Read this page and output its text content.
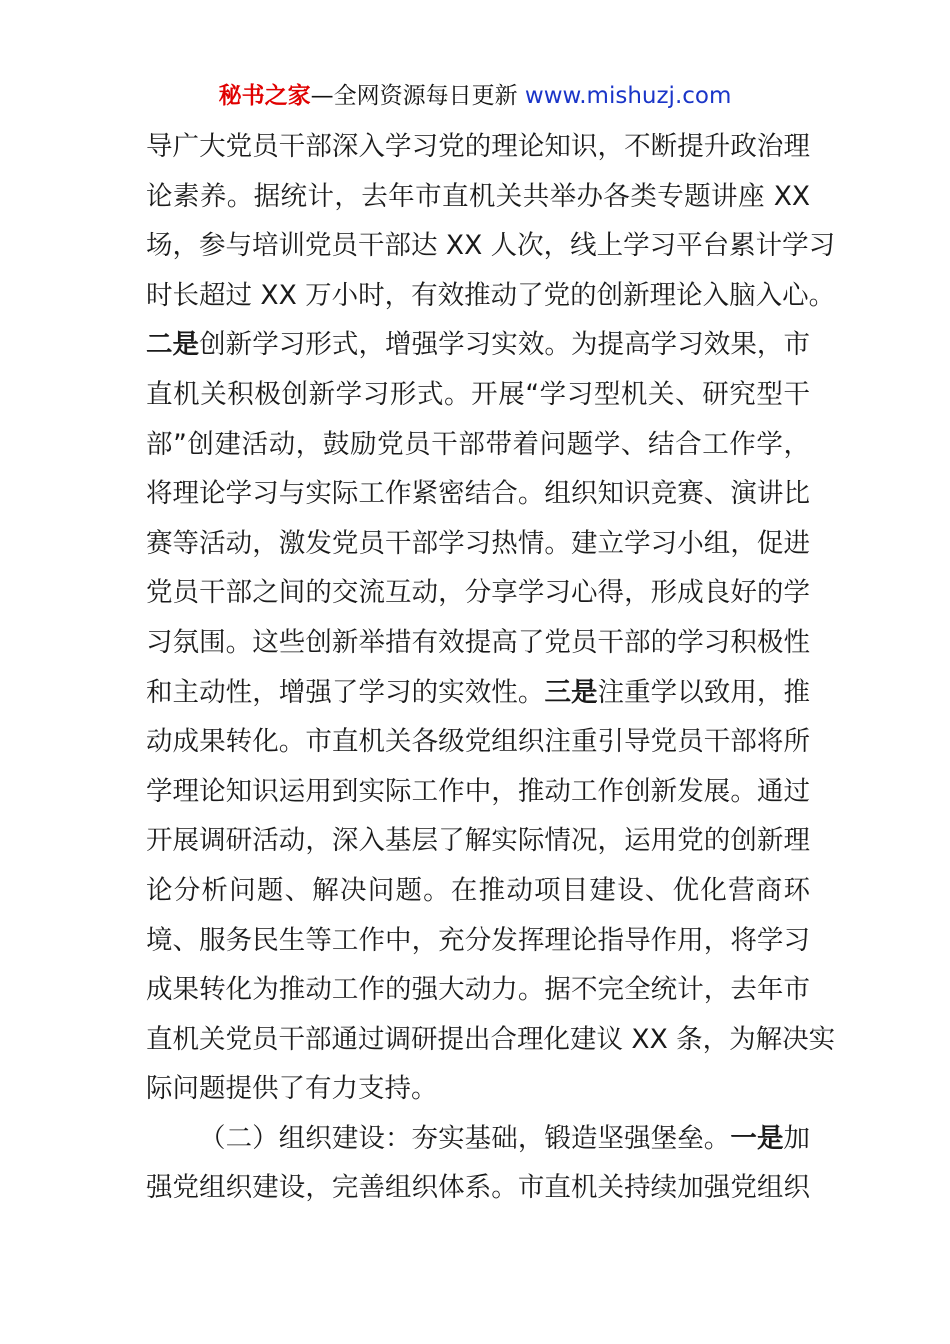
秘书之家—全网资源每日更新 www.mishuzj.com
导广大党员干部深入学习党的理论知识，不断提升政治理
论素养。据统计，去年市直机关共举办各类专题讲座 XX
场，参与培训党员干部达 XX 人次，线上学习平台累计学习
时长超过 XX 万小时，有效推动了党的创新理论入脑入心。
二是创新学习形式，增强学习实效。为提高学习效果，市
直机关积极创新学习形式。开展“学习型机关、研究型干
部”创建活动，鼓励党员干部带着问题学、结合工作学，
将理论学习与实际工作紧密结合。组织知识竞赛、演讲比
赛等活动，激发党员干部学习热情。建立学习小组，促进
党员干部之间的交流互动，分享学习心得，形成良好的学
习氛围。这些创新举措有效提高了党员干部的学习积极性
和主动性，增强了学习的实效性。三是注重学以致用，推
动成果转化。市直机关各级党组织注重引导党员干部将所
学理论知识运用到实际工作中，推动工作创新发展。通过
开展调研活动，深入基层了解实际情况，运用党的创新理
论分析问题、解决问题。在推动项目建设、优化营商环
境、服务民生等工作中，充分发挥理论指导作用，将学习
成果转化为推动工作的强大动力。据不完全统计，去年市
直机关党员干部通过调研提出合理化建议 XX 条，为解决实
际问题提供了有力支持。
（二）组织建设：夯实基础，锻造坚强堡垒。一是加
强党组织建设，完善组织体系。市直机关持续加强党组织
